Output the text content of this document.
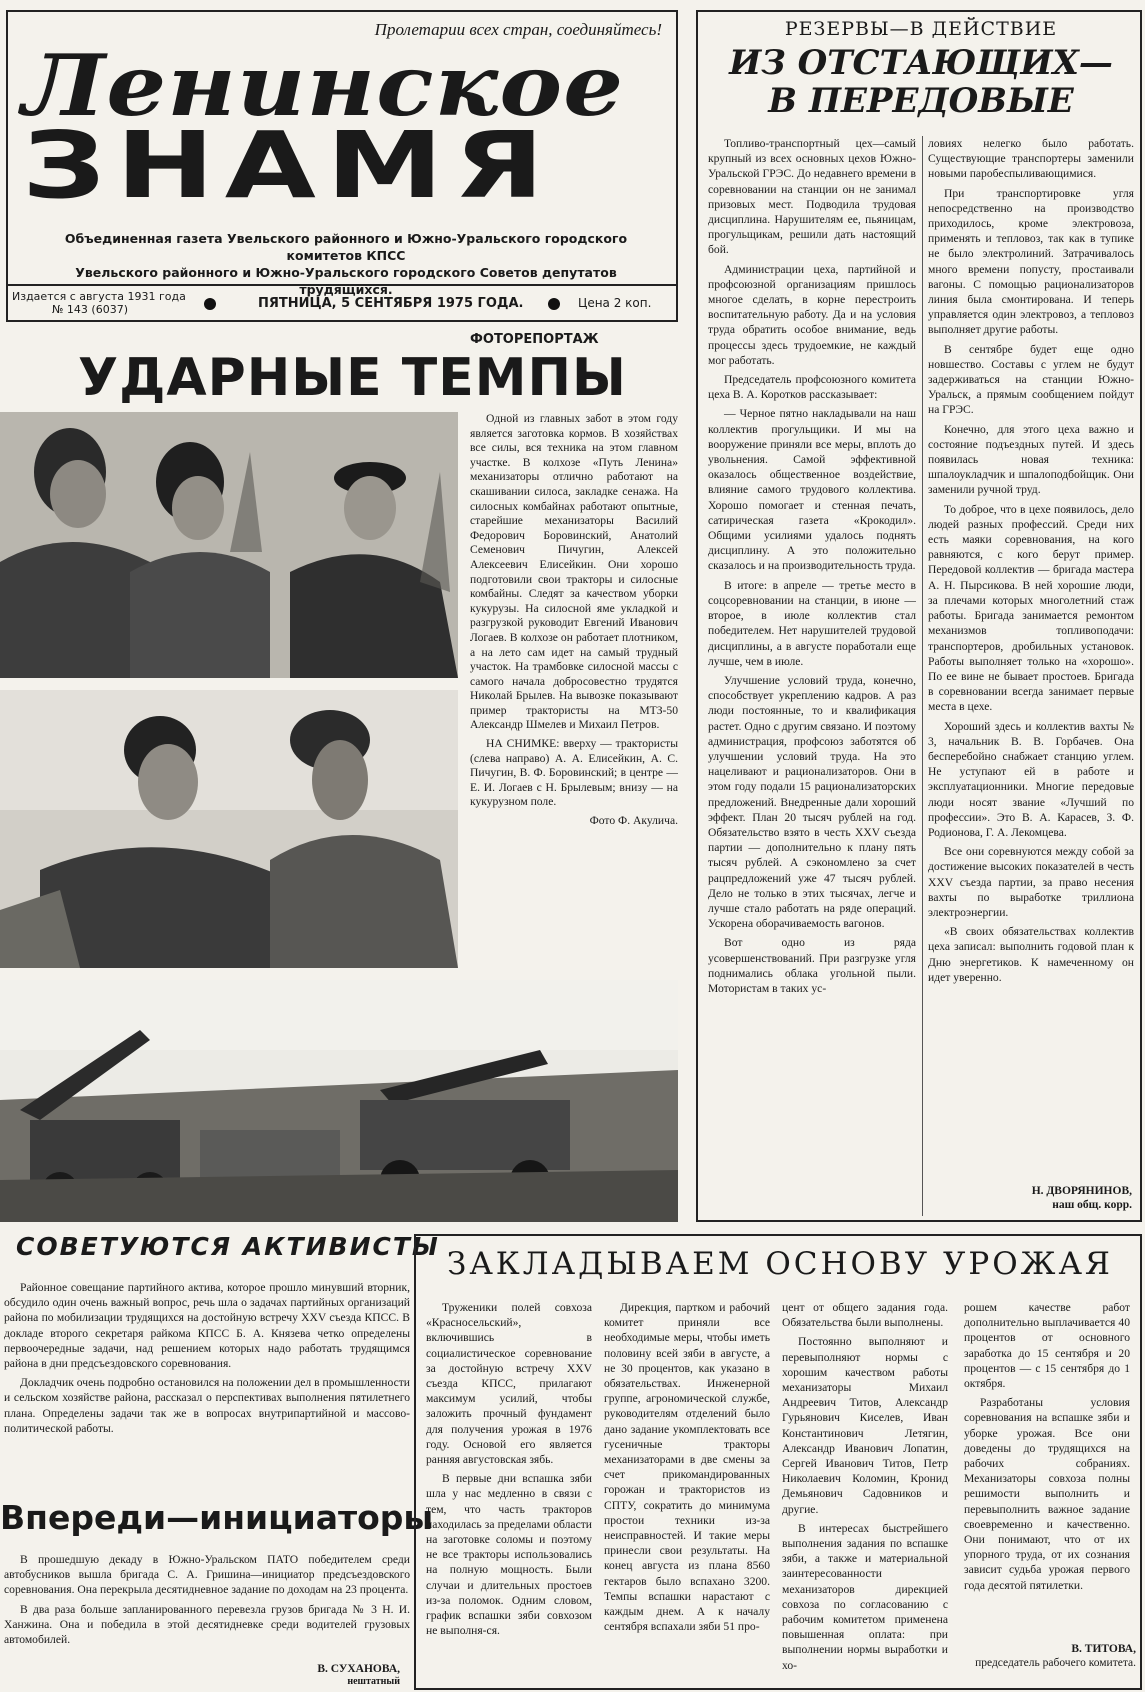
Пролетарии всех стран, соединяйтесь!
Ленинское
ЗНАМЯ
Объединенная газета Увельского районного и Южно-Уральского городского комитетов КПСС
Увельского районного и Южно-Уральского городского Советов депутатов трудящихся.
Издается с августа 1931 года
№ 143 (6037)	ПЯТНИЦА, 5 СЕНТЯБРЯ 1975 ГОДА.	Цена 2 коп.
РЕЗЕРВЫ—В ДЕЙСТВИЕ
ИЗ ОТСТАЮЩИХ—
В ПЕРЕДОВЫЕ

Топливо-транспортный цех—самый крупный из всех основных цехов Южно-Уральской ГРЭС. До недавнего времени в соревновании на станции он не занимал призовых мест. Подводила трудовая дисциплина. Нарушителям ее, пьяницам, прогульщикам, решили дать настоящий бой.

Администрации цеха, партийной и профсоюзной организациям пришлось многое сделать, в корне перестроить воспитательную работу. Да и на условия труда обратить особое внимание, ведь процессы здесь трудоемкие, не каждый мог работать.

Председатель профсоюзного комитета цеха В. А. Коротков рассказывает:

— Черное пятно накладывали на наш коллектив прогульщики. И мы на вооружение приняли все меры, вплоть до увольнения. Самой эффективной оказалось общественное воздействие, влияние самого трудового коллектива. Хорошо помогает и стенная печать, сатирическая газета «Крокодил». Общими усилиями удалось поднять дисциплину. А это положительно сказалось и на производительность труда.

В итоге: в апреле — третье место в соцсоревновании на станции, в июне — второе, в июле коллектив стал победителем. Нет нарушителей трудовой дисциплины, а в августе поработали еще лучше, чем в июле.

Улучшение условий труда, конечно, способствует укреплению кадров. А раз люди постоянные, то и квалификация растет. Одно с другим связано. И поэтому администрация, профсоюз заботятся об улучшении условий труда. На это нацеливают и рационализаторов. Они в этом году подали 15 рационализаторских предложений. Внедренные дали хороший эффект. План 20 тысяч рублей на год. Обязательство взято в честь XXV съезда партии — дополнительно к плану пять тысяч рублей. А сэкономлено за счет рацпредложений уже 47 тысяч рублей. Дело не только в этих тысячах, легче и лучше стало работать на ряде операций. Ускорена оборачиваемость вагонов.

Вот одно из ряда усовершенствований. При разгрузке угля поднимались облака угольной пыли. Мотористам в таких ус-

ловиях нелегко было работать. Существующие транспортеры заменили новыми паробеспыливающимися.

При транспортировке угля непосредственно на производство приходилось, кроме электровоза, применять и тепловоз, так как в тупике не было электролиний. Затрачивалось много времени попусту, простаивали вагоны. С помощью рационализаторов линия была смонтирована. И теперь управляется один электровоз, а тепловоз выполняет другие работы.

В сентябре будет еще одно новшество. Составы с углем не будут задерживаться на станции Южно-Уральск, а прямым сообщением пойдут на ГРЭС.

Конечно, для этого цеха важно и состояние подъездных путей. И здесь появилась новая техника: шпалоукладчик и шпалоподбойщик. Они заменили ручной труд.

То доброе, что в цехе появилось, дело людей разных профессий. Среди них есть маяки соревнования, на кого равняются, с кого берут пример. Передовой коллектив — бригада мастера А. Н. Пырсикова. В ней хорошие люди, за плечами которых многолетний стаж работы. Бригада занимается ремонтом механизмов топливоподачи: транспортеров, дробильных установок. Работы выполняет только на «хорошо». По ее вине не бывает простоев. Бригада в соревновании всегда занимает первые места в цехе.

Хороший здесь и коллектив вахты № 3, начальник В. В. Горбачев. Она бесперебойно снабжает станцию углем. Не уступают ей в работе и эксплуатационники. Многие передовые люди носят звание «Лучший по профессии». Это В. А. Карасев, З. Ф. Родионова, Г. А. Лекомцева.

Все они соревнуются между собой за достижение высоких показателей в честь XXV съезда партии, за право несения вахты по выработке триллиона электроэнергии.

«В своих обязательствах коллектив цеха записал: выполнить годовой план к Дню энергетиков. К намеченному он идет уверенно.

Н. ДВОРЯНИНОВ,
наш общ. корр.
ФОТОРЕПОРТАЖ
УДАРНЫЕ ТЕМПЫ

Одной из главных забот в этом году является заготовка кормов. В хозяйствах все силы, вся техника на этом главном участке. В колхозе «Путь Ленина» механизаторы отлично работают на скашивании силоса, закладке сенажа. На силосных комбайнах работают опытные, старейшие механизаторы Василий Федорович Боровинский, Анатолий Семенович Пичугин, Алексей Алексеевич Елисейкин. Они хорошо подготовили свои тракторы и силосные комбайны. Следят за качеством уборки кукурузы. На силосной яме укладкой и разгрузкой руководит Евгений Иванович Логаев. В колхозе он работает плотником, а на лето сам идет на самый трудный участок. На трамбовке силосной массы с самого начала добросовестно трудятся Николай Брылев. На вывозке показывают пример трактористы на МТЗ-50 Александр Шмелев и Михаил Петров.

НА СНИМКЕ: вверху — трактористы (слева направо) А. А. Елисейкин, А. С. Пичугин, В. Ф. Боровинский; в центре — Е. И. Логаев с Н. Брылевым; внизу — на кукурузном поле.

Фото Ф. Акулича.
СОВЕТУЮТСЯ АКТИВИСТЫ

Районное совещание партийного актива, которое прошло минувший вторник, обсудило один очень важный вопрос, речь шла о задачах партийных организаций района по мобилизации трудящихся на достойную встречу XXV съезда КПСС. В докладе второго секретаря райкома КПСС Б. А. Князева четко определены первоочередные задачи, над решением которых надо работать трудящимся района в дни предсъездовского соревнования.

Докладчик очень подробно остановился на положении дел в промышленности и сельском хозяйстве района, рассказал о перспективах выполнения пятилетнего плана. Определены задачи так же в вопросах внутрипартийной и массово-политической работы.

Впереди—инициаторы

В прошедшую декаду в Южно-Уральском ПАТО победителем среди автобусников вышла бригада С. А. Гришина—инициатор предсъездовского соревнования. Она перекрыла десятидневное задание по доходам на 23 процента.

В два раза больше запланированного перевезла грузов бригада № 3 Н. И. Ханжина. Она и победила в этой десятидневке среди водителей грузовых автомобилей.

В. СУХАНОВА,
нештатный
ЗАКЛАДЫВАЕМ ОСНОВУ УРОЖАЯ

Труженики полей совхоза «Красносельский», включившись в социалистическое соревнование за достойную встречу XXV съезда КПСС, прилагают максимум усилий, чтобы заложить прочный фундамент для получения урожая в 1976 году. Основой его является ранняя августовская зябь.

В первые дни вспашка зяби шла у нас медленно в связи с тем, что часть тракторов находилась за пределами области на заготовке соломы и поэтому не все тракторы использовались на полную мощность. Были случаи и длительных простоев из-за поломок. Одним словом, график вспашки зяби совхозом не выполня-ся.

Дирекция, партком и рабочий комитет приняли все необходимые меры, чтобы иметь половину всей зяби в августе, а не 30 процентов, как указано в обязательствах. Инженерной группе, агрономической службе, руководителям отделений было дано задание укомплектовать все гусеничные тракторы механизаторами в две смены за счет прикомандированных горожан и трактористов из СПТУ, сократить до минимума простои техники из-за неисправностей. И такие меры принесли свои результаты. На конец августа из плана 8560 гектаров было вспахано 3200. Темпы вспашки нарастают с каждым днем. А к началу сентября вспахали зяби 51 про-

цент от общего задания года. Обязательства были выполнены.

Постоянно выполняют и перевыполняют нормы с хорошим качеством работы механизаторы Михаил Андреевич Титов, Александр Гурьянович Киселев, Иван Константинович Летягин, Александр Иванович Лопатин, Сергей Иванович Титов, Петр Николаевич Коломин, Кронид Демьянович Садовников и другие.

В интересах быстрейшего выполнения задания по вспашке зяби, а также и материальной заинтересованности механизаторов дирекцией совхоза по согласованию с рабочим комитетом применена повышенная оплата: при выполнении нормы выработки и хо-

рошем качестве работ дополнительно выплачивается 40 процентов от основного заработка до 15 сентября и 20 процентов — с 15 сентября до 1 октября.

Разработаны условия соревнования на вспашке зяби и уборке урожая. Все они доведены до трудящихся на рабочих собраниях. Механизаторы совхоза полны решимости выполнить и перевыполнить важное задание своевременно и качественно. Они понимают, что от их упорного труда, от их сознания зависит судьба урожая первого года десятой пятилетки.

В. ТИТОВА,
председатель рабочего комитета.
